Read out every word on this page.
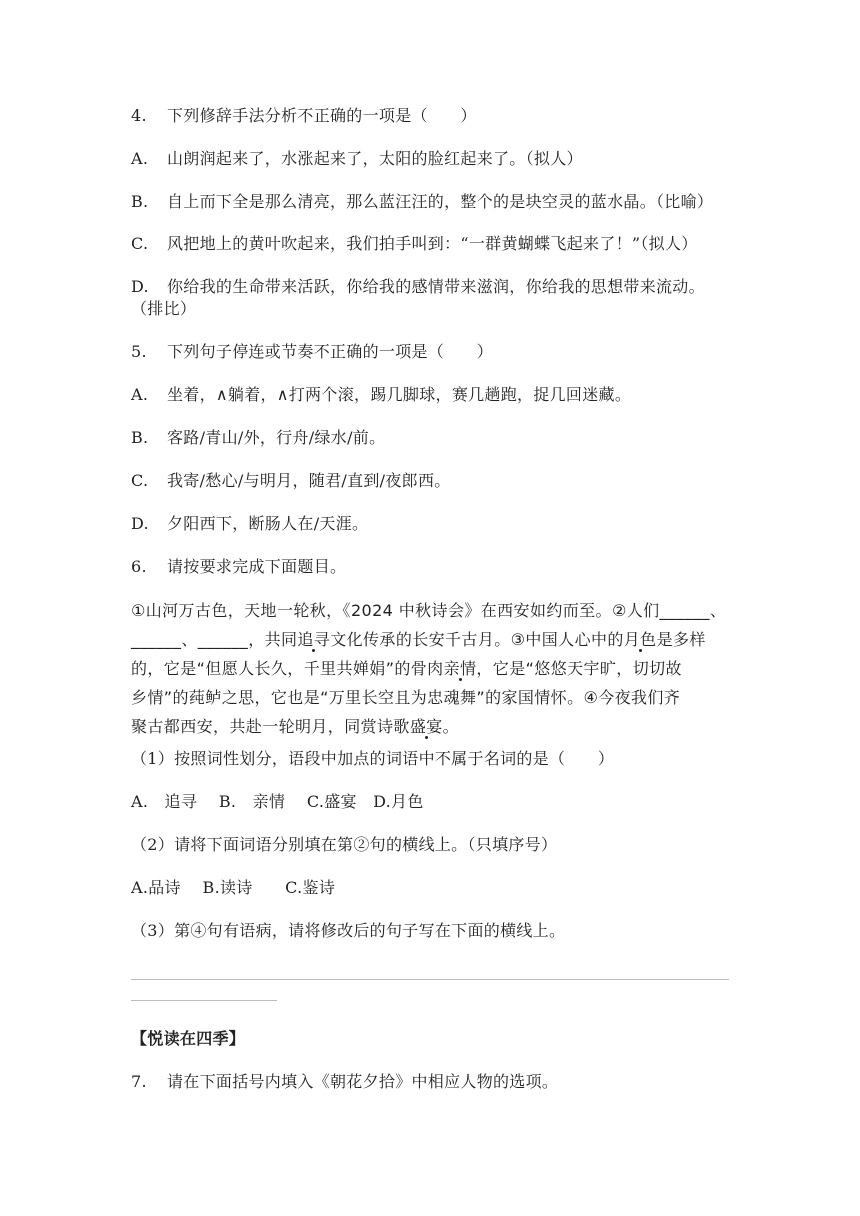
4. 下列修辞手法分析不正确的一项是（　　）
A. 山朗润起来了，水涨起来了，太阳的脸红起来了。（拟人）
B. 自上而下全是那么清亮，那么蓝汪汪的，整个的是块空灵的蓝水晶。（比喻）
C. 风把地上的黄叶吹起来，我们拍手叫到：“一群黄蝴蝶飞起来了！”（拟人）
D. 你给我的生命带来活跃，你给我的感情带来滋润，你给我的思想带来流动。
（排比）
5. 下列句子停连或节奏不正确的一项是（　　）
A. 坐着，∧躺着，∧打两个滚，踢几脚球，赛几趟跑，捉几回迷藏。
B. 客路/青山/外，行舟/绿水/前。
C. 我寄/愁心/与明月，随君/直到/夜郎西。
D. 夕阳西下，断肠人在/天涯。
6. 请按要求完成下面题目。

①山河万古色，天地一轮秋，《2024 中秋诗会》在西安如约而至。②人们______、

______、______，共同追寻文化传承的长安千古月。③中国人心中的月色是多样

的，它是“但愿人长久，千里共婵娟”的骨肉亲情，它是“悠悠天宇旷，切切故

乡情”的莼鲈之思，它也是“万里长空且为忠魂舞”的家国情怀。④今夜我们齐

聚古都西安，共赴一轮明月，同赏诗歌盛宴。

（1）按照词性划分，语段中加点的词语中不属于名词的是（　　）
A.　追寻　 B.　亲情　 C.盛宴　D.月色
（2）请将下面词语分别填在第②句的横线上。（只填序号）
A.品诗　 B.读诗　　C.鉴诗
（3）第④句有语病，请将修改后的句子写在下面的横线上。
【悦读在四季】
7. 请在下面括号内填入《朝花夕拾》中相应人物的选项。
